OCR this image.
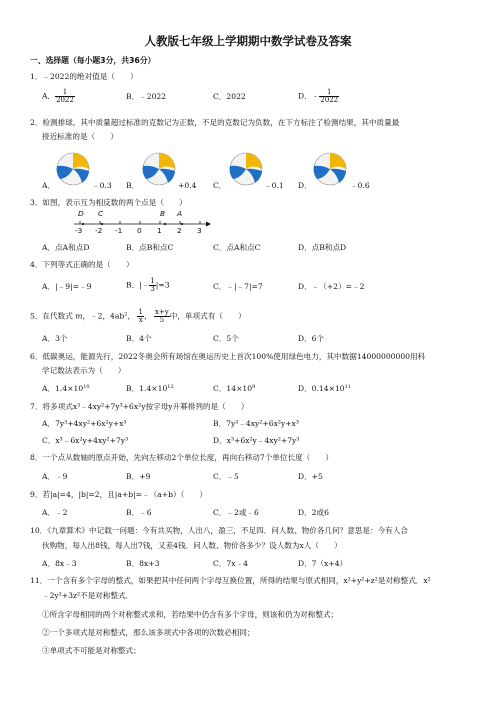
人教版七年级上学期期中数学试卷及答案
一、选择题（每小题3分，共36分）
1．﹣2022的绝对值是（　　）
A． $\frac{1}{2022}$	B．﹣2022	C．2022	D．﹣ $\frac{1}{2022}$
2．检测排球，其中质量超过标准的克数记为正数，不足的克数记为负数，在下方标注了检测结果，其中质量最
接近标准的是（　　）
A．	﹣0.3 B．	+0.4 C．	﹣0.1 D．	﹣0.6
3．如图，表示互为相反数的两个点是（　　）
D C	B A
-3 -2 -1 0 1 2 3
A．点A和点D	B．点B和点C	C．点A和点C	D．点B和点D
4．下列等式正确的是（　　）
A．|﹣9|=﹣9	B．|﹣ $\frac{1}{3} |=3$	C．﹣|﹣7|=7	D．﹣（+2）=﹣2
5．在代数式 m，﹣2，$4ab^2$， $\frac{1}{x}$ ， $\frac{x+y}{5}$ 中，单项式有（　　）
A．3个	B．4个	C．5个	D．6个
6．低碳奥运，能源先行，2022冬奥会所有场馆在奥运历史上首次100%使用绿色电力，其中数据14000000000用科
学记数法表示为（　　）
A．$1.4\times 10^{10}$	B．$1.4\times 10^{12}$	C．$14\times 10^9$	D．$0.14\times 10^{11}$
7．将多项式x³﹣4xy²+7y³+6x²y按字母y升幂排列的是（　　）
A．7y³+4xy²+6x²y+x³	B．7y³﹣4xy²+6x²y+x³
C．x³﹣6x²y+4xy²+7y³	D．x³+6x²y﹣4xy²+7y³
8．一个点从数轴的原点开始，先向左移动2个单位长度，再向右移动7个单位长度（　　）
A．﹣9	B．+9	C．﹣5	D．+5
9．若|a|=4，|b|=2，且|a+b|=﹣（a+b）（　　）
A．﹣2	B．﹣6	C．﹣2或﹣6	D．2或6
10．《九章算术》中记载一问题：今有共买物，人出八，盈三，不足四．问人数、物价各几何？意思是：今有人合
伙购物，每人出8钱，每人出7钱，又差4钱．问人数、物价各多少？设人数为x人（　　）
A．8x﹣3	B．8x+3	C．7x﹣4	D．7（x+4）
11．一个含有多个字母的整式，如果把其中任何两个字母互换位置，所得的结果与原式相同，x²+y²+z²是对称整式．x²
﹣2y²+3z²不是对称整式．
①所含字母相同的两个对称整式求和，若结果中仍含有多个字母，则该和仍为对称整式；
②一个多项式是对称整式，那么该多项式中各项的次数必相同；
③单项式不可能是对称整式；
